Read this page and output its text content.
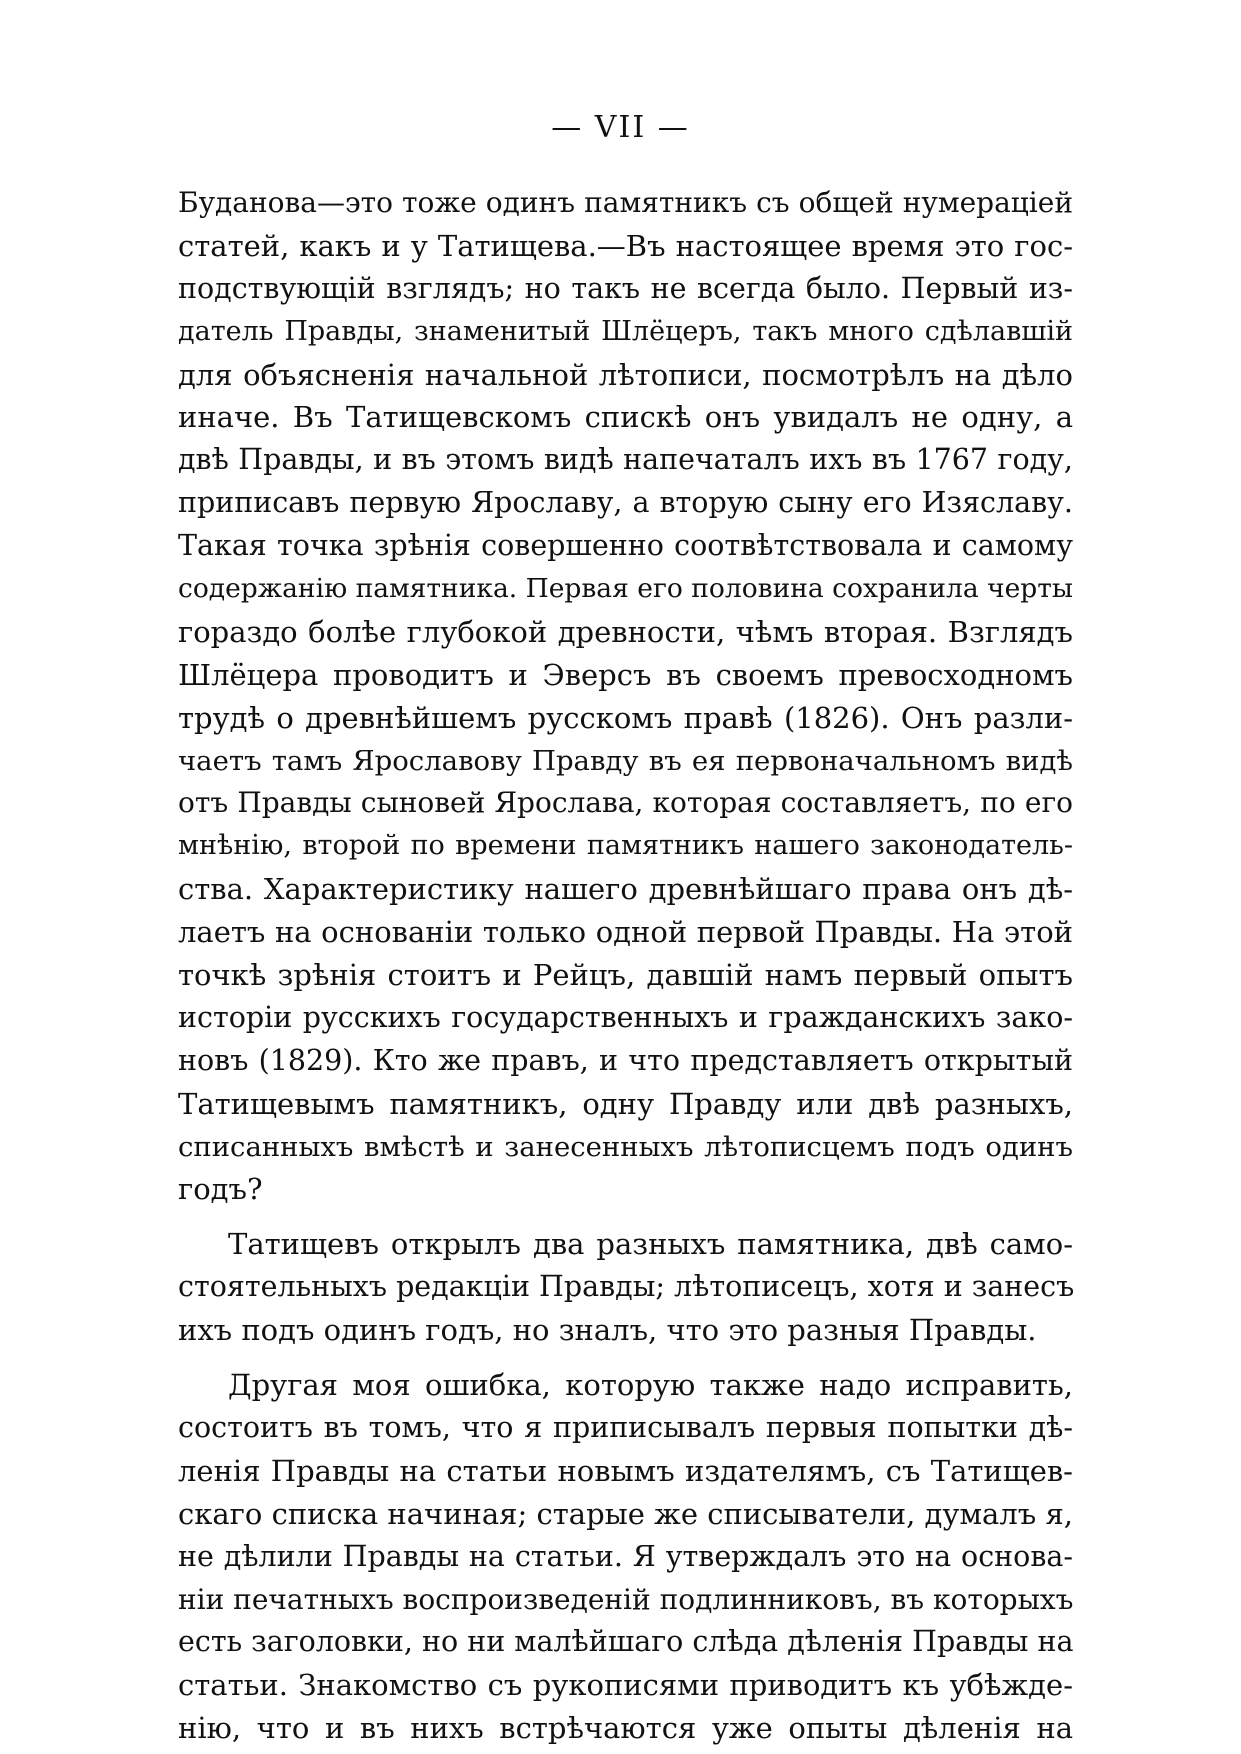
— VII —
Буданова—это тоже одинъ памятникъ съ общей нумераціей
статей, какъ и у Татищева.—Въ настоящее время это гос-
подствующій взглядъ; но такъ не всегда было. Первый из-
датель Правды, знаменитый Шлёцеръ, такъ много сдѣлавшій
для объясненія начальной лѣтописи, посмотрѣлъ на дѣло
иначе. Въ Татищевскомъ спискѣ онъ увидалъ не одну, а
двѣ Правды, и въ этомъ видѣ напечаталъ ихъ въ 1767 году,
приписавъ первую Ярославу, а вторую сыну его Изяславу.
Такая точка зрѣнія совершенно соотвѣтствовала и самому
содержанію памятника. Первая его половина сохранила черты
гораздо болѣе глубокой древности, чѣмъ вторая. Взглядъ
Шлёцера проводитъ и Эверсъ въ своемъ превосходномъ
трудѣ о древнѣйшемъ русскомъ правѣ (1826). Онъ разли-
чаетъ тамъ Ярославову Правду въ ея первоначальномъ видѣ
отъ Правды сыновей Ярослава, которая составляетъ, по его
мнѣнію, второй по времени памятникъ нашего законодатель-
ства. Характеристику нашего древнѣйшаго права онъ дѣ-
лаетъ на основаніи только одной первой Правды. На этой
точкѣ зрѣнія стоитъ и Рейцъ, давшій намъ первый опытъ
исторіи русскихъ государственныхъ и гражданскихъ зако-
новъ (1829). Кто же правъ, и что представляетъ открытый
Татищевымъ памятникъ, одну Правду или двѣ разныхъ,
списанныхъ вмѣстѣ и занесенныхъ лѣтописцемъ подъ одинъ
годъ?
Татищевъ открылъ два разныхъ памятника, двѣ само-
стоятельныхъ редакціи Правды; лѣтописецъ, хотя и занесъ
ихъ подъ одинъ годъ, но зналъ, что это разныя Правды.
Другая моя ошибка, которую также надо исправить,
состоитъ въ томъ, что я приписывалъ первыя попытки дѣ-
ленія Правды на статьи новымъ издателямъ, съ Татищев-
скаго списка начиная; старые же списыватели, думалъ я,
не дѣлили Правды на статьи. Я утверждалъ это на основа-
ніи печатныхъ воспроизведеній подлинниковъ, въ которыхъ
есть заголовки, но ни малѣйшаго слѣда дѣленія Правды на
статьи. Знакомство съ рукописями приводитъ къ убѣжде-
нію, что и въ нихъ встрѣчаются уже опыты дѣленія на
